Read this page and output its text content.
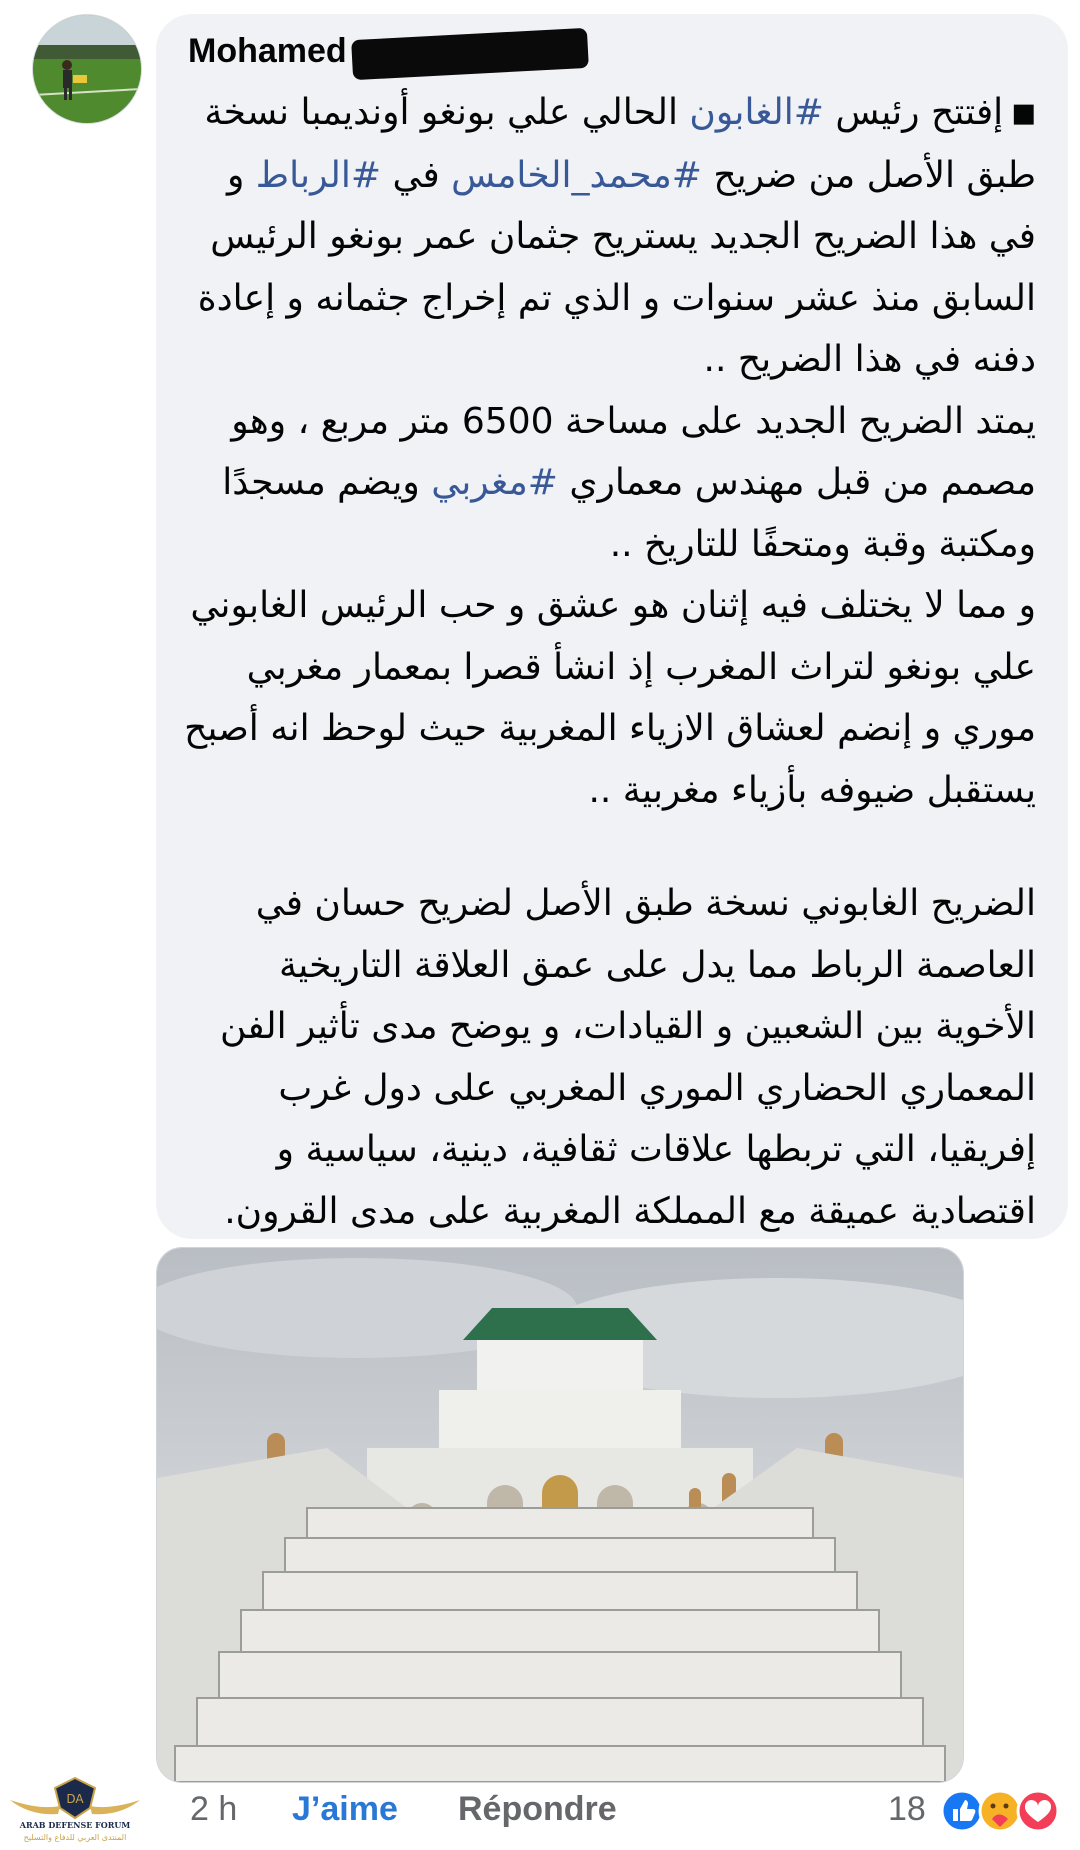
Mohamed

■ إفتتح رئيس #الغابون الحالي علي بونغو أونديمبا نسخة طبق الأصل من ضريح #محمد_الخامس في #الرباط و في هذا الضريح الجديد يستريح جثمان عمر بونغو الرئيس السابق منذ عشر سنوات و الذي تم إخراج جثمانه و إعادة دفنه في هذا الضريح ..

يمتد الضريح الجديد على مساحة 6500 متر مربع ، وهو مصمم من قبل مهندس معماري #مغربي ويضم مسجدًا ومكتبة وقبة ومتحفًا للتاريخ ..

و مما لا يختلف فيه إثنان هو عشق و حب الرئيس الغابوني علي بونغو لتراث المغرب إذ انشأ قصرا بمعمار مغربي موري و إنضم لعشاق الازياء المغربية حيث لوحظ انه أصبح يستقبل ضيوفه بأزياء مغربية ..

الضريح الغابوني نسخة طبق الأصل لضريح حسان في العاصمة الرباط مما يدل على عمق العلاقة التاريخية الأخوية بين الشعبين و القيادات، و يوضح مدى تأثير الفن المعماري الحضاري الموري المغربي على دول غرب إفريقيا، التي تربطها علاقات ثقافية، دينية، سياسية و اقتصادية عميقة مع المملكة المغربية على مدى القرون.

2 h J’aime Répondre	18
DA
ARAB DEFENSE FORUM
المنتدى العربي للدفاع والتسليح
